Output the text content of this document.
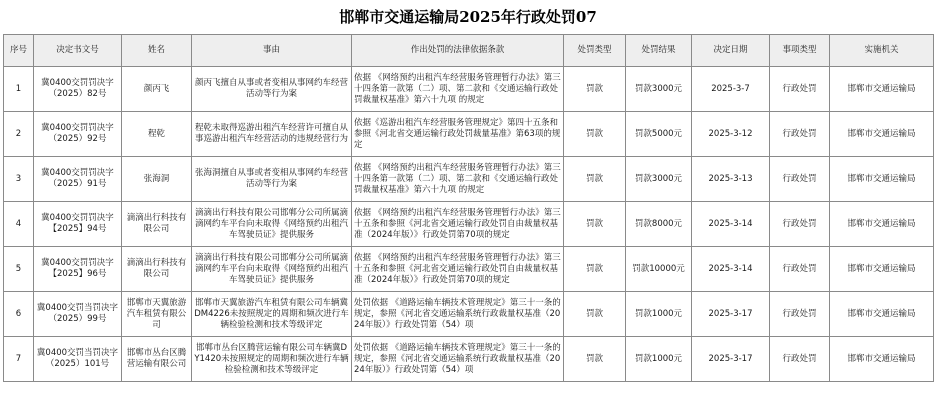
邯郸市交通运输局2025年行政处罚07
序号	决定书文号	姓名	事由	作出处罚的法律依据条款	处罚类型	处罚结果	决定日期	事项类型	实施机关
1	冀0400交罚罚决字（2025）82号	颜丙飞	颜丙飞擅自从事或者变相从事网约车经营活动等行为案	依据 《网络预约出租汽车经营服务管理暂行办法》第三十四条第一款第（二）项、第二款和《交通运输行政处罚裁量权基准》第六十九项 的规定	罚款	罚款3000元	2025-3-7	行政处罚	邯郸市交通运输局
2	冀0400交罚罚决字（2025）92号	程乾	程乾未取得巡游出租汽车经营许可擅自从事巡游出租汽车经营活动的违规经营行为	依据《巡游出租汽车经营服务管理规定》第四十五条和参照《河北省交通运输行政处罚裁量基准》第63项的规定	罚款	罚款5000元	2025-3-12	行政处罚	邯郸市交通运输局
3	冀0400交罚罚决字（2025）91号	张海洞	张海洞擅自从事或者变相从事网约车经营活动等行为案	依据 《网络预约出租汽车经营服务管理暂行办法》第三十四条第一款第（二）项、第二款和《交通运输行政处罚裁量权基准》第六十九项 的规定	罚款	罚款3000元	2025-3-13	行政处罚	邯郸市交通运输局
4	冀0400交罚罚决字【2025】94号	滴滴出行科技有限公司	滴滴出行科技有限公司邯郸分公司所属滴滴网约车平台向未取得《网络预约出租汽车驾驶员证》提供服务	依据 《网络预约出租汽车经营服务管理暂行办法》第三十五条和参照《河北省交通运输行政处罚自由裁量权基准（2024年版）》行政处罚第70项的规定	罚款	罚款8000元	2025-3-14	行政处罚	邯郸市交通运输局
5	冀0400交罚罚决字【2025】96号	滴滴出行科技有限公司	滴滴出行科技有限公司邯郸分公司所属滴滴网约车平台向未取得《网络预约出租汽车驾驶员证》提供服务	依据 《网络预约出租汽车经营服务管理暂行办法》第三十五条和参照《河北省交通运输行政处罚自由裁量权基准（2024年版）》行政处罚第70项的规定	罚款	罚款10000元	2025-3-14	行政处罚	邯郸市交通运输局
6	冀0400交罚当罚决字（2025）99号	邯郸市天翼旅游汽车租赁有限公司	邯郸市天翼旅游汽车租赁有限公司车辆冀DM4226未按照规定的周期和频次进行车辆检验检测和技术等级评定	处罚依据 《道路运输车辆技术管理规定》第三十一条的规定，参照《河北省交通运输系统行政裁量权基准（2024年版）》行政处罚第（54）项	罚款	罚款1000元	2025-3-17	行政处罚	邯郸市交通运输局
7	冀0400交罚当罚决字（2025）101号	邯郸市丛台区腾营运输有限公司	邯郸市丛台区腾营运输有限公司车辆冀DY1420未按照规定的周期和频次进行车辆检验检测和技术等级评定	处罚依据 《道路运输车辆技术管理规定》第三十一条的规定，参照《河北省交通运输系统行政裁量权基准（2024年版）》行政处罚第（54）项	罚款	罚款1000元	2025-3-17	行政处罚	邯郸市交通运输局
